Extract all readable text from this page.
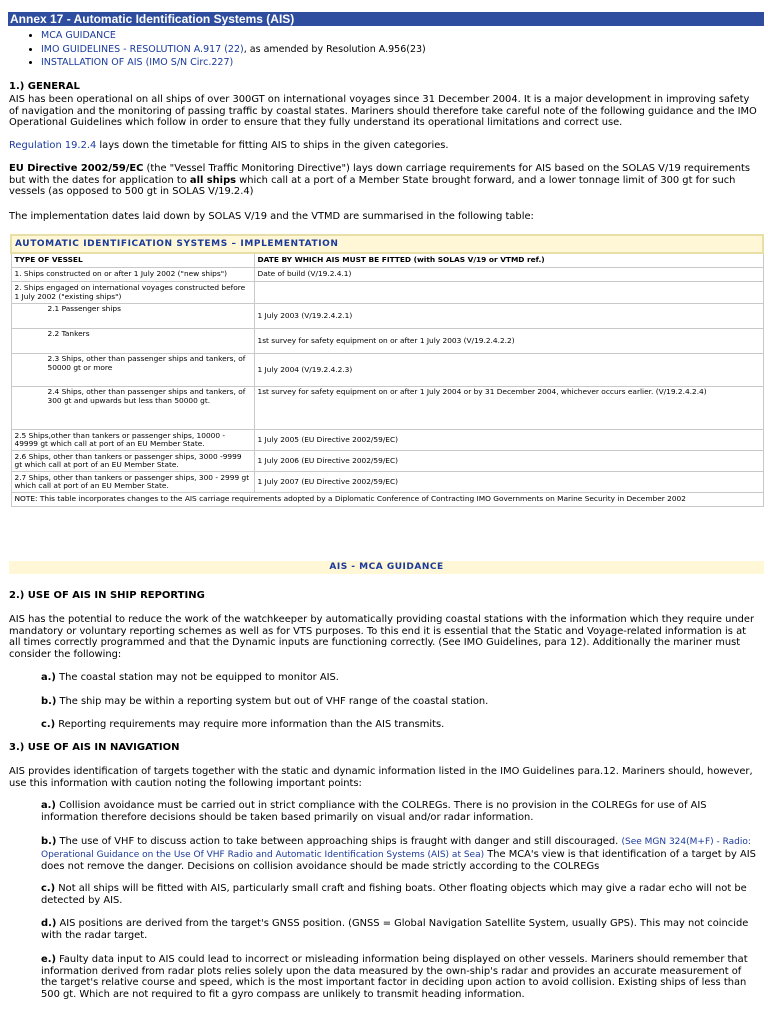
Annex 17 - Automatic Identification Systems (AIS)
• MCA GUIDANCE
• IMO GUIDELINES - RESOLUTION A.917 (22), as amended by Resolution A.956(23)
• INSTALLATION OF AIS (IMO S/N Circ.227)
1.) GENERAL
AIS has been operational on all ships of over 300GT on international voyages since 31 December 2004. It is a major development in improving safety of navigation and the monitoring of passing traffic by coastal states. Mariners should therefore take careful note of the following guidance and the IMO Operational Guidelines which follow in order to ensure that they fully understand its operational limitations and correct use.
Regulation 19.2.4 lays down the timetable for fitting AIS to ships in the given categories.
EU Directive 2002/59/EC (the "Vessel Traffic Monitoring Directive") lays down carriage requirements for AIS based on the SOLAS V/19 requirements but with the dates for application to all ships which call at a port of a Member State brought forward, and a lower tonnage limit of 300 gt for such vessels (as opposed to 500 gt in SOLAS V/19.2.4)
The implementation dates laid down by SOLAS V/19 and the VTMD are summarised in the following table:
AUTOMATIC IDENTIFICATION SYSTEMS – IMPLEMENTATION	
TYPE OF VESSEL	DATE BY WHICH AIS MUST BE FITTED (with SOLAS V/19 or VTMD ref.)
1. Ships constructed on or after 1 July 2002 ("new ships")	Date of build (V/19.2.4.1)
2. Ships engaged on international voyages constructed before 1 July 2002 ("existing ships")	
2.1 Passenger ships	1 July 2003 (V/19.2.4.2.1)
2.2 Tankers	1st survey for safety equipment on or after 1 July 2003 (V/19.2.4.2.2)
2.3 Ships, other than passenger ships and tankers, of 50000 gt or more	1 July 2004 (V/19.2.4.2.3)
2.4 Ships, other than passenger ships and tankers, of 300 gt and upwards but less than 50000 gt.	1st survey for safety equipment on or after 1 July 2004 or by 31 December 2004, whichever occurs earlier. (V/19.2.4.2.4)
2.5 Ships,other than tankers or passenger ships, 10000 - 49999 gt which call at port of an EU Member State.	1 July 2005 (EU Directive 2002/59/EC)
2.6 Ships, other than tankers or passenger ships, 3000 -9999 gt which call at port of an EU Member State.	1 July 2006 (EU Directive 2002/59/EC)
2.7 Ships, other than tankers or passenger ships, 300 - 2999 gt which call at port of an EU Member State.	1 July 2007 (EU Directive 2002/59/EC)
NOTE: This table incorporates changes to the AIS carriage requirements adopted by a Diplomatic Conference of Contracting IMO Governments on Marine Security in December 2002	
AIS - MCA GUIDANCE
2.) USE OF AIS IN SHIP REPORTING
AIS has the potential to reduce the work of the watchkeeper by automatically providing coastal stations with the information which they require under mandatory or voluntary reporting schemes as well as for VTS purposes. To this end it is essential that the Static and Voyage-related information is at all times correctly programmed and that the Dynamic inputs are functioning correctly. (See IMO Guidelines, para 12). Additionally the mariner must consider the following:
a.) The coastal station may not be equipped to monitor AIS.
b.) The ship may be within a reporting system but out of VHF range of the coastal station.
c.) Reporting requirements may require more information than the AIS transmits.
3.) USE OF AIS IN NAVIGATION
AIS provides identification of targets together with the static and dynamic information listed in the IMO Guidelines para.12. Mariners should, however, use this information with caution noting the following important points:
a.) Collision avoidance must be carried out in strict compliance with the COLREGs. There is no provision in the COLREGs for use of AIS information therefore decisions should be taken based primarily on visual and/or radar information.
b.) The use of VHF to discuss action to take between approaching ships is fraught with danger and still discouraged. (See MGN 324(M+F) - Radio: Operational Guidance on the Use Of VHF Radio and Automatic Identification Systems (AIS) at Sea) The MCA's view is that identification of a target by AIS does not remove the danger. Decisions on collision avoidance should be made strictly according to the COLREGs
c.) Not all ships will be fitted with AIS, particularly small craft and fishing boats. Other floating objects which may give a radar echo will not be detected by AIS.
d.) AIS positions are derived from the target's GNSS position. (GNSS = Global Navigation Satellite System, usually GPS). This may not coincide with the radar target.
e.) Faulty data input to AIS could lead to incorrect or misleading information being displayed on other vessels. Mariners should remember that information derived from radar plots relies solely upon the data measured by the own-ship's radar and provides an accurate measurement of the target's relative course and speed, which is the most important factor in deciding upon action to avoid collision. Existing ships of less than 500 gt. Which are not required to fit a gyro compass are unlikely to transmit heading information.
